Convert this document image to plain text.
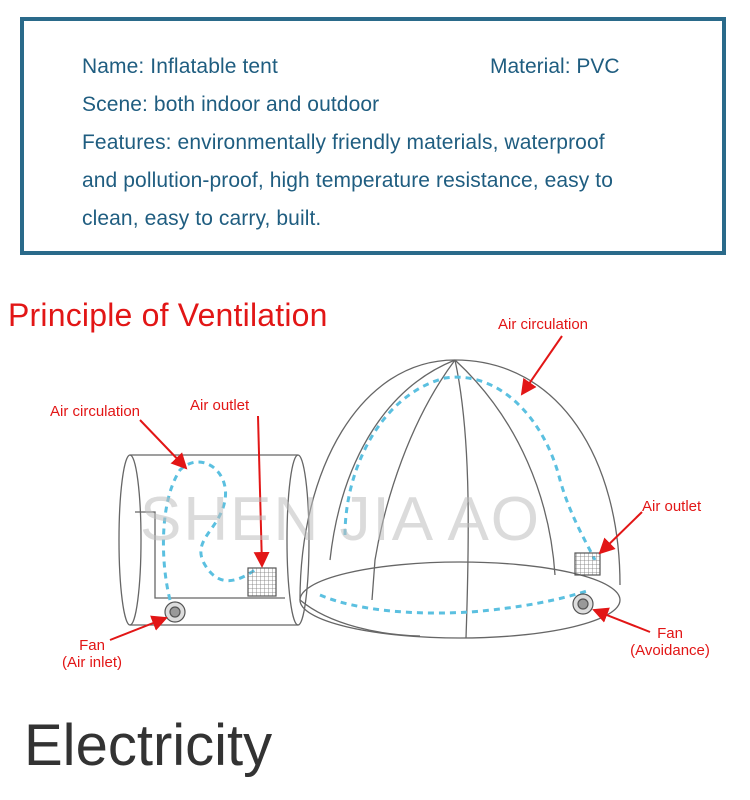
Name: Inflatable tent	Material: PVC
Scene: both indoor and outdoor
Features: environmentally friendly materials, waterproof
and pollution-proof, high temperature resistance, easy to
clean, easy to carry, built.
Principle of Ventilation
SHEN JIA AO
Air circulation
Air circulation	Air outlet
Air outlet
Fan
(Air inlet)
Fan
(Avoidance)
Electricity
